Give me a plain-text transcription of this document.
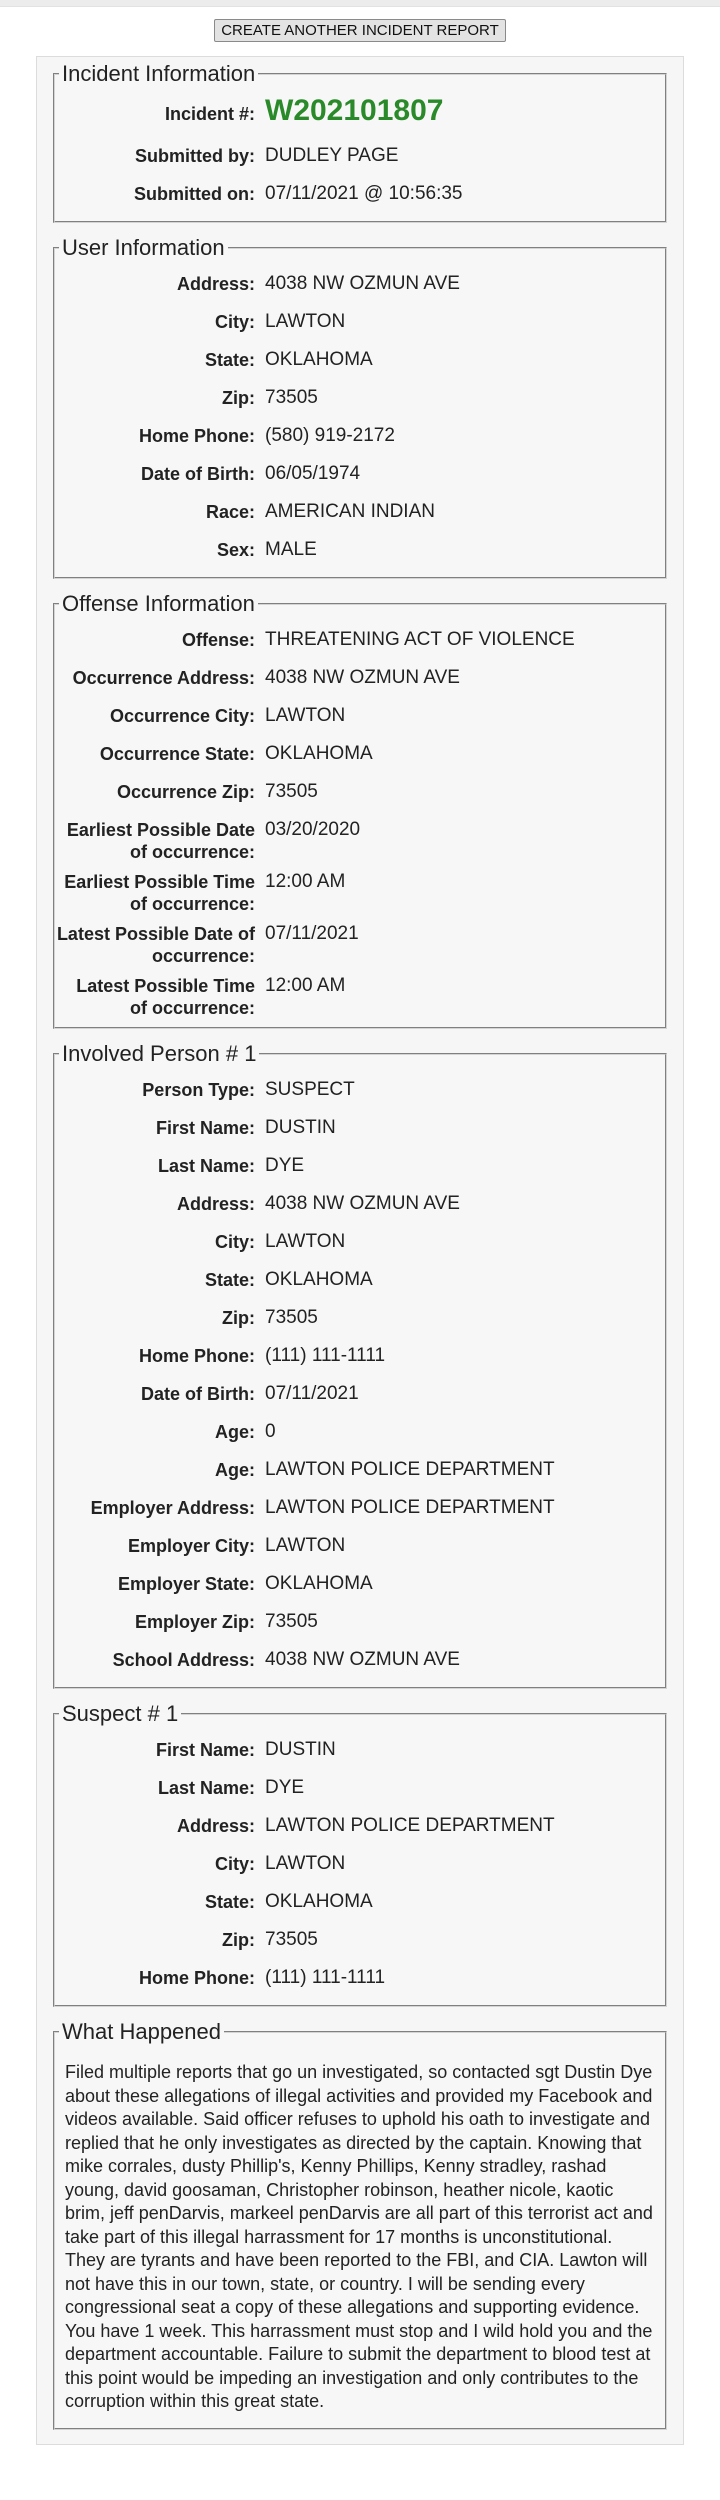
CREATE ANOTHER INCIDENT REPORT
Incident Information
Incident #: W202101807
Submitted by: DUDLEY PAGE
Submitted on: 07/11/2021 @ 10:56:35
User Information
Address: 4038 NW OZMUN AVE
City: LAWTON
State: OKLAHOMA
Zip: 73505
Home Phone: (580) 919-2172
Date of Birth: 06/05/1974
Race: AMERICAN INDIAN
Sex: MALE
Offense Information
Offense: THREATENING ACT OF VIOLENCE
Occurrence Address: 4038 NW OZMUN AVE
Occurrence City: LAWTON
Occurrence State: OKLAHOMA
Occurrence Zip: 73505
Earliest Possible Date of occurrence:
03/20/2020
Earliest Possible Time of occurrence:
12:00 AM
Latest Possible Date of occurrence:
07/11/2021
Latest Possible Time of occurrence:
12:00 AM
Involved Person # 1
Person Type: SUSPECT
First Name: DUSTIN
Last Name: DYE
Address: 4038 NW OZMUN AVE
City: LAWTON
State: OKLAHOMA
Zip: 73505
Home Phone: (111) 111-1111
Date of Birth: 07/11/2021
Age: 0
Age: LAWTON POLICE DEPARTMENT
Employer Address: LAWTON POLICE DEPARTMENT
Employer City: LAWTON
Employer State: OKLAHOMA
Employer Zip: 73505
School Address: 4038 NW OZMUN AVE
Suspect # 1
First Name: DUSTIN
Last Name: DYE
Address: LAWTON POLICE DEPARTMENT
City: LAWTON
State: OKLAHOMA
Zip: 73505
Home Phone: (111) 111-1111
What Happened
Filed multiple reports that go un investigated, so contacted sgt Dustin Dye about these allegations of illegal activities and provided my Facebook and videos available. Said officer refuses to uphold his oath to investigate and replied that he only investigates as directed by the captain. Knowing that mike corrales, dusty Phillip's, Kenny Phillips, Kenny stradley, rashad young, david goosaman, Christopher robinson, heather nicole, kaotic brim, jeff penDarvis, markeel penDarvis are all part of this terrorist act and take part of this illegal harrassment for 17 months is unconstitutional. They are tyrants and have been reported to the FBI, and CIA. Lawton will not have this in our town, state, or country. I will be sending every congressional seat a copy of these allegations and supporting evidence. You have 1 week. This harrassment must stop and I wild hold you and the department accountable. Failure to submit the department to blood test at this point would be impeding an investigation and only contributes to the corruption within this great state.
